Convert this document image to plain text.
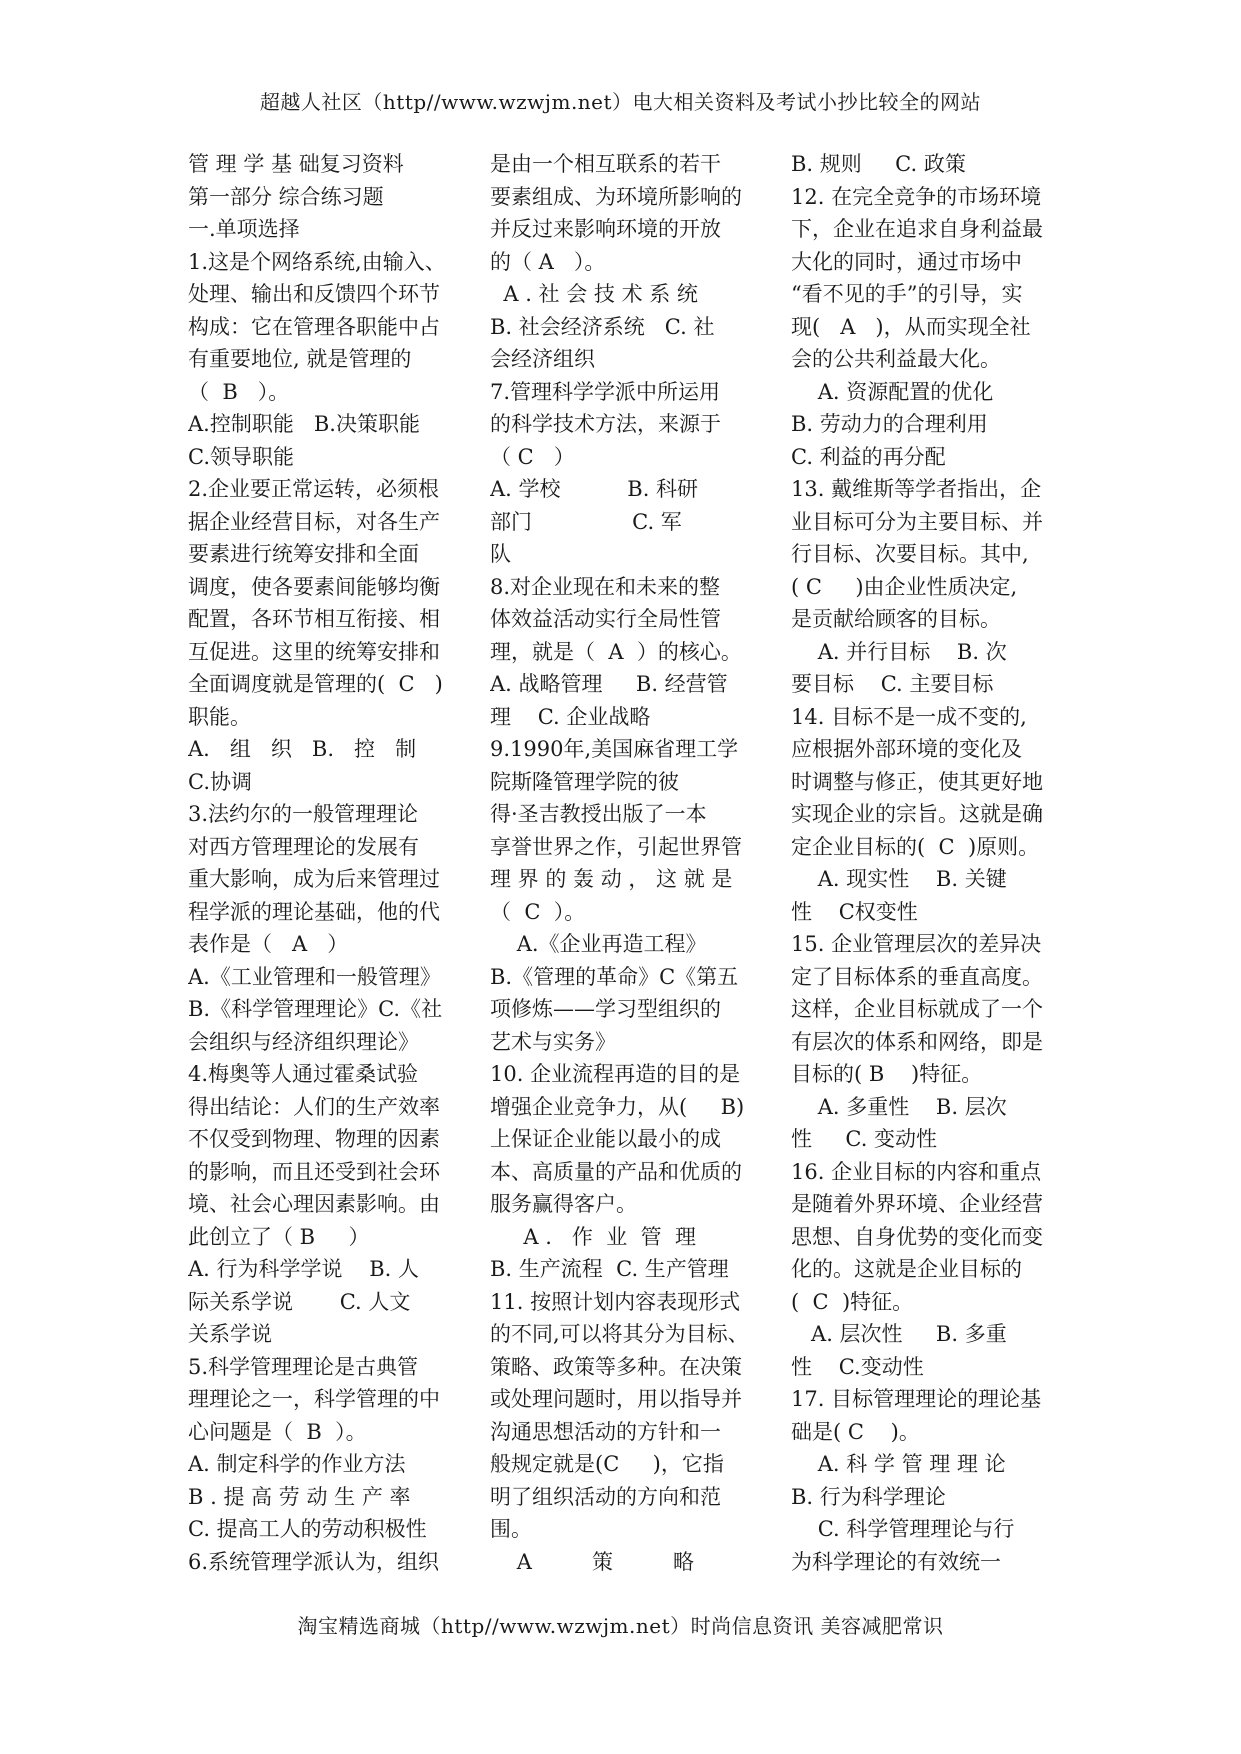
超越人社区（http//www.wzwjm.net）电大相关资料及考试小抄比较全的网站
管 理 学 基 础复习资料
第一部分 综合练习题
一.单项选择
1.这是个网络系统,由输入、
处理、输出和反馈四个环节
构成：它在管理各职能中占
有重要地位, 就是管理的
（  B   ）。
A.控制职能   B.决策职能
C.领导职能
2.企业要正常运转，必须根
据企业经营目标，对各生产
要素进行统筹安排和全面
调度，使各要素间能够均衡
配置，各环节相互衔接、相
互促进。这里的统筹安排和
全面调度就是管理的(  C   )
职能。
A.   组   织   B.   控   制
C.协调
3.法约尔的一般管理理论
对西方管理理论的发展有
重大影响，成为后来管理过
程学派的理论基础，他的代
表作是（   A   ）
A.《工业管理和一般管理》
B.《科学管理理论》C.《社
会组织与经济组织理论》
4.梅奥等人通过霍桑试验
得出结论：人们的生产效率
不仅受到物理、物理的因素
的影响，而且还受到社会环
境、社会心理因素影响。由
此创立了（ B     ）
A. 行为科学学说    B. 人
际关系学说       C. 人文
关系学说
5.科学管理理论是古典管
理理论之一，科学管理的中
心问题是（  B  ）。
A. 制定科学的作业方法
B . 提 高 劳 动 生 产 率
C. 提高工人的劳动积极性
6.系统管理学派认为，组织
是由一个相互联系的若干
要素组成、为环境所影响的
并反过来影响环境的开放
的（ A   ）。
A . 社 会 技 术 系 统
B. 社会经济系统   C. 社
会经济组织
7.管理科学学派中所运用
的科学技术方法，来源于
（ C   ）
A. 学校          B. 科研
部门               C. 军
队
8.对企业现在和未来的整
体效益活动实行全局性管
理，就是（  A  ）的核心。
A. 战略管理     B. 经营管
理    C. 企业战略
9.1990年,美国麻省理工学
院斯隆管理学院的彼
得·圣吉教授出版了一本
享誉世界之作，引起世界管
理 界 的 轰 动 ， 这 就 是
（  C  ）。
A.《企业再造工程》
B.《管理的革命》C《第五
项修炼——学习型组织的
艺术与实务》
10. 企业流程再造的目的是
增强企业竞争力，从(     B)
上保证企业能以最小的成
本、高质量的产品和优质的
服务赢得客户。
A .   作  业  管  理
B. 生产流程  C. 生产管理
11. 按照计划内容表现形式
的不同,可以将其分为目标、
策略、政策等多种。在决策
或处理问题时，用以指导并
沟通思想活动的方针和一
般规定就是(C     )，它指
明了组织活动的方向和范
围。
A         策         略
B. 规则     C. 政策
12. 在完全竞争的市场环境
下，企业在追求自身利益最
大化的同时，通过市场中
“看不见的手”的引导，实
现(   A   )，从而实现全社
会的公共利益最大化。
A. 资源配置的优化
B. 劳动力的合理利用
C. 利益的再分配
13. 戴维斯等学者指出，企
业目标可分为主要目标、并
行目标、次要目标。其中,
( C     )由企业性质决定,
是贡献给顾客的目标。
A. 并行目标    B. 次
要目标    C. 主要目标
14. 目标不是一成不变的,
应根据外部环境的变化及
时调整与修正，使其更好地
实现企业的宗旨。这就是确
定企业目标的(  C  )原则。
A. 现实性    B. 关键
性    C权变性
15. 企业管理层次的差异决
定了目标体系的垂直高度。
这样，企业目标就成了一个
有层次的体系和网络，即是
目标的( B    )特征。
A. 多重性    B. 层次
性     C. 变动性
16. 企业目标的内容和重点
是随着外界环境、企业经营
思想、自身优势的变化而变
化的。这就是企业目标的
(  C  )特征。
A. 层次性     B. 多重
性    C.变动性
17. 目标管理理论的理论基
础是( C    )。
A. 科 学 管 理 理 论
B. 行为科学理论
C. 科学管理理论与行
为科学理论的有效统一
淘宝精选商城（http//www.wzwjm.net）时尚信息资讯 美容减肥常识
